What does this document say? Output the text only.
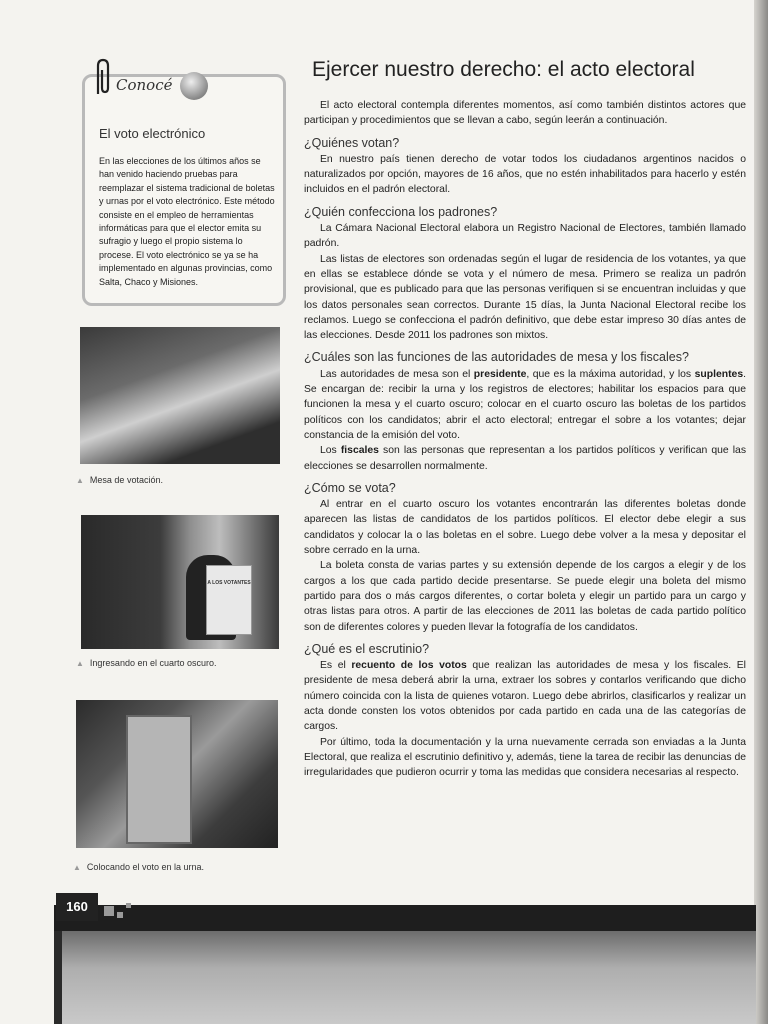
Conocé
El voto electrónico
En las elecciones de los últimos años se han venido haciendo pruebas para reemplazar el sistema tradicional de boletas y urnas por el voto electrónico. Este método consiste en el empleo de herramientas informáticas para que el elector emita su sufragio y luego el propio sistema lo procese. El voto electrónico se ya se ha implementado en algunas provincias, como Salta, Chaco y Misiones.
▲ Mesa de votación.
A LOS VOTANTES
▲ Ingresando en el cuarto oscuro.
▲ Colocando el voto en la urna.
Ejercer nuestro derecho: el acto electoral

El acto electoral contempla diferentes momentos, así como también distintos actores que participan y procedimientos que se llevan a cabo, según leerán a continuación.

¿Quiénes votan?

En nuestro país tienen derecho de votar todos los ciudadanos argentinos nacidos o naturalizados por opción, mayores de 16 años, que no estén inhabilitados para hacerlo y estén incluidos en el padrón electoral.

¿Quién confecciona los padrones?

La Cámara Nacional Electoral elabora un Registro Nacional de Electores, también llamado padrón.

Las listas de electores son ordenadas según el lugar de residencia de los votantes, ya que en ellas se establece dónde se vota y el número de mesa. Primero se realiza un padrón provisional, que es publicado para que las personas verifiquen si se encuentran incluidas y que los datos personales sean correctos. Durante 15 días, la Junta Nacional Electoral recibe los reclamos. Luego se confecciona el padrón definitivo, que debe estar impreso 30 días antes de las elecciones. Desde 2011 los padrones son mixtos.

¿Cuáles son las funciones de las autoridades de mesa y los fiscales?

Las autoridades de mesa son el presidente, que es la máxima autoridad, y los suplentes. Se encargan de: recibir la urna y los registros de electores; habilitar los espacios para que funcionen la mesa y el cuarto oscuro; colocar en el cuarto oscuro las boletas de los partidos políticos con los candidatos; abrir el acto electoral; entregar el sobre a los votantes; dejar constancia de la emisión del voto.

Los fiscales son las personas que representan a los partidos políticos y verifican que las elecciones se desarrollen normalmente.

¿Cómo se vota?

Al entrar en el cuarto oscuro los votantes encontrarán las diferentes boletas donde aparecen las listas de candidatos de los partidos políticos. El elector debe elegir a sus candidatos y colocar la o las boletas en el sobre. Luego debe volver a la mesa y depositar el sobre cerrado en la urna.

La boleta consta de varias partes y su extensión depende de los cargos a elegir y de los cargos a los que cada partido decide presentarse. Se puede elegir una boleta del mismo partido para dos o más cargos diferentes, o cortar boleta y elegir un partido para un cargo y otras listas para otros. A partir de las elecciones de 2011 las boletas de cada partido político son de diferentes colores y pueden llevar la fotografía de los candidatos.

¿Qué es el escrutinio?

Es el recuento de los votos que realizan las autoridades de mesa y los fiscales. El presidente de mesa deberá abrir la urna, extraer los sobres y contarlos verificando que dicho número coincida con la lista de quienes votaron. Luego debe abrirlos, clasificarlos y realizar un acta donde consten los votos obtenidos por cada partido en cada una de las categorías de cargos.

Por último, toda la documentación y la urna nuevamente cerrada son enviadas a la Junta Electoral, que realiza el escrutinio definitivo y, además, tiene la tarea de recibir las denuncias de irregularidades que pudieron ocurrir y toma las medidas que considera necesarias al respecto.

160
